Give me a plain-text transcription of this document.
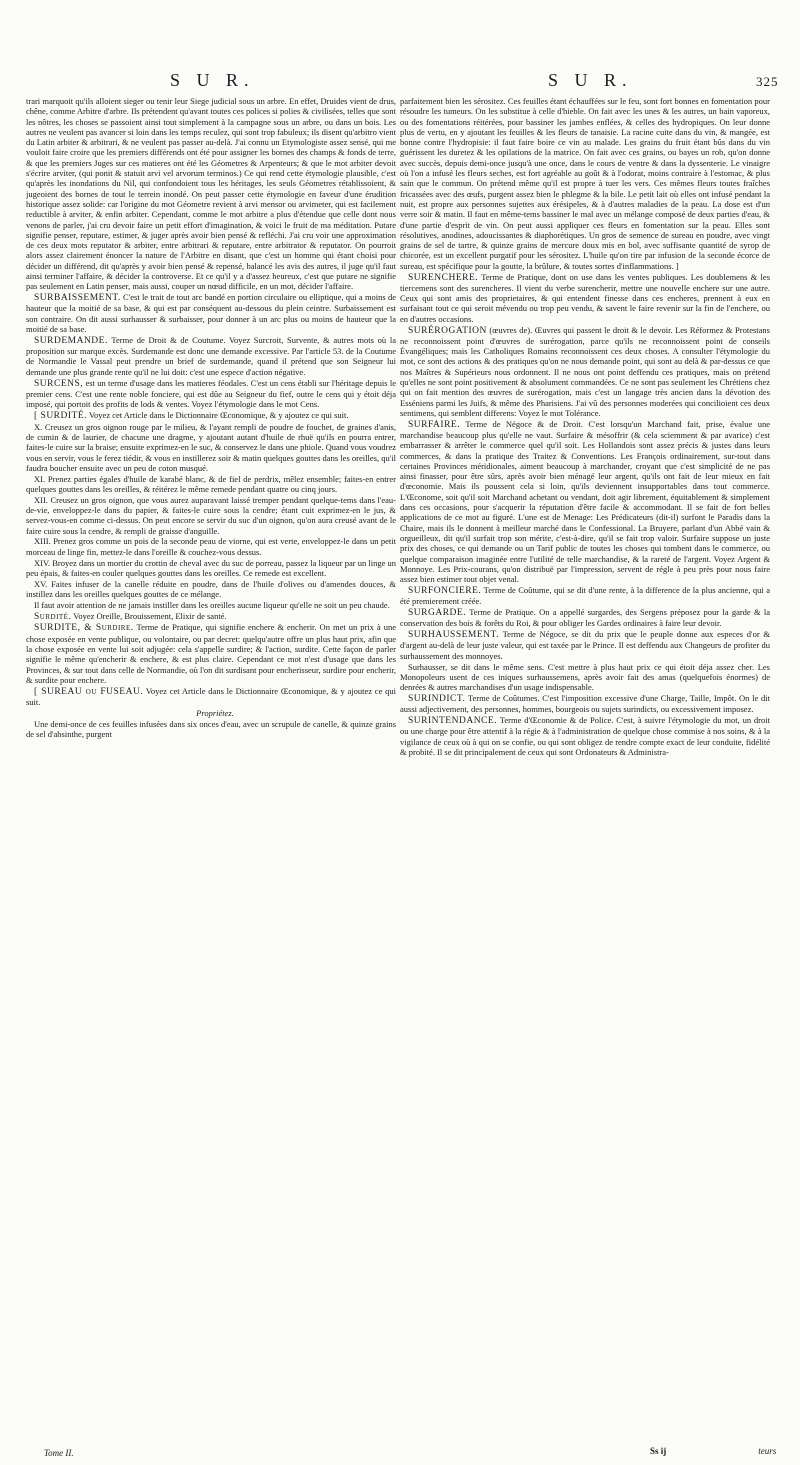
S U R.	S U R.	325

trari marquoit qu'ils alloient sieger ou tenir leur Siege judicial sous un arbre. En effet, Druides vient de drus, chêne, comme Arbitre d'arbre. Ils prétendent qu'avant toutes ces polices si polies & civilisées, telles que sont les nôtres, les choses se passoient ainsi tout simplement à la campagne sous un arbre, ou dans un bois. Les autres ne veulent pas avancer si loin dans les temps reculez, qui sont trop fabuleux; ils disent qu'arbitro vient du Latin arbiter & arbitrari, & ne veulent pas passer au-delà. J'ai connu un Etymologiste assez sensé, qui me vouloit faire croire que les premiers différends ont été pour assigner les bornes des champs & fonds de terre, & que les premiers Juges sur ces matieres ont été les Géometres & Arpenteurs; & que le mot arbiter devoit s'écrire arviter, (qui ponit & statuit arvi vel arvorum terminos.) Ce qui rend cette étymologie plausible, c'est qu'après les inondations du Nil, qui confondoient tous les héritages, les seuls Géometres rétablissoient, & jugeoient des bornes de tout le terrein inondé. On peut passer cette étymologie en faveur d'une érudition historique assez solide: car l'origine du mot Géometre revient à arvi mensor ou arvimeter, qui est facilement reductible à arviter, & enfin arbiter. Cependant, comme le mot arbitre a plus d'étendue que celle dont nous venons de parler, j'ai cru devoir faire un petit effort d'imagination, & voici le fruit de ma méditation. Putare signifie penser, reputare, estimer, & juger après avoir bien pensé & refléchi. J'ai cru voir une approximation de ces deux mots reputator & arbiter, entre arbitrari & reputare, entre arbitrator & reputator. On pourroit alors assez clairement énoncer la nature de l'Arbitre en disant, que c'est un homme qui étant choisi pour décider un différend, dit qu'après y avoir bien pensé & repensé, balancé les avis des autres, il juge qu'il faut ainsi terminer l'affaire, & décider la controverse. Et ce qu'il y a d'assez heureux, c'est que putare ne signifie pas seulement en Latin penser, mais aussi, couper un nœud difficile, en un mot, décider l'affaire.

SURBAISSEMENT. C'est le trait de tout arc bandé en portion circulaire ou elliptique, qui a moins de hauteur que la moitié de sa base, & qui est par conséquent au-dessous du plein ceintre. Surbaissement est son contraire. On dit aussi surhausser & surbaisser, pour donner à un arc plus ou moins de hauteur que la moitié de sa base.

SURDEMANDE. Terme de Droit & de Coutume. Voyez Surcroit, Survente, & autres mots où la proposition sur marque excès. Surdemande est donc une demande excessive. Par l'article 53. de la Coutume de Normandie le Vassal peut prendre un brief de surdemande, quand il prétend que son Seigneur lui demande une plus grande rente qu'il ne lui doit: c'est une espece d'action négative.

SURCENS, est un terme d'usage dans les matieres féodales. C'est un cens établi sur l'héritage depuis le premier cens. C'est une rente noble fonciere, qui est dûe au Seigneur du fief, outre le cens qui y étoit déja imposé, qui portoit des profits de lods & ventes. Voyez l'étymologie dans le mot Cens.

[ SURDITÉ. Voyez cet Article dans le Dictionnaire Œconomique, & y ajoutez ce qui suit.

X. Creusez un gros oignon rouge par le milieu, & l'ayant rempli de poudre de fouchet, de graines d'anis, de cumin & de laurier, de chacune une dragme, y ajoutant autant d'huile de rhuë qu'ils en pourra entrer, faites-le cuire sur la braise; ensuite exprimez-en le suc, & conservez le dans une phiole. Quand vous voudrez vous en servir, vous le ferez tiédir, & vous en instillerez soir & matin quelques gouttes dans les oreilles, qu'il faudra boucher ensuite avec un peu de coton musqué.

XI. Prenez parties égales d'huile de karabé blanc, & de fiel de perdrix, mêlez ensemble; faites-en entrer quelques gouttes dans les oreilles, & réitérez le même remede pendant quatre ou cinq jours.

XII. Creusez un gros oignon, que vous aurez auparavant laissé tremper pendant quelque-tems dans l'eau-de-vie, enveloppez-le dans du papier, & faites-le cuire sous la cendre; étant cuit exprimez-en le jus, & servez-vous-en comme ci-dessus. On peut encore se servir du suc d'un oignon, qu'on aura creusé avant de le faire cuire sous la cendre, & rempli de graisse d'anguille.

XIII. Prenez gros comme un pois de la seconde peau de viorne, qui est verte, enveloppez-le dans un petit morceau de linge fin, mettez-le dans l'oreille & couchez-vous dessus.

XIV. Broyez dans un mortier du crottin de cheval avec du suc de porreau, passez la liqueur par un linge un peu épais, & faites-en couler quelques gouttes dans les oreilles. Ce remede est excellent.

XV. Faites infuser de la canelle réduite en poudre, dans de l'huile d'olives ou d'amendes douces, & instillez dans les oreilles quelques gouttes de ce mélange.

Il faut avoir attention de ne jamais instiller dans les oreilles aucune liqueur qu'elle ne soit un peu chaude.

Surdité. Voyez Oreille, Brouissement, Elixir de santé.

SURDITE, & Surdire. Terme de Pratique, qui signifie enchere & encherir. On met un prix à une chose exposée en vente publique, ou volontaire, ou par decret: quelqu'autre offre un plus haut prix, afin que la chose exposée en vente lui soit adjugée: cela s'appelle surdire; & l'action, surdite. Cette façon de parler signifie le même qu'encherir & enchere, & est plus claire. Cependant ce mot n'est d'usage que dans les Provinces, & sur tout dans celle de Normandie, où l'on dit surdisant pour encherisseur, surdire pour encherir, & surdite pour enchere.

[ SUREAU ou FUSEAU. Voyez cet Article dans le Dictionnaire Œconomique, & y ajoutez ce qui suit.

Propriétez.

Une demi-once de ces feuilles infusées dans six onces d'eau, avec un scrupule de canelle, & quinze grains de sel d'absinthe, purgent

parfaitement bien les sérositez. Ces feuilles étant échauffées sur le feu, sont fort bonnes en fomentation pour résoudre les tumeurs. On les substitue à celle d'hieble. On fait avec les unes & les autres, un bain vaporeux, ou des fomentations réitérées, pour bassiner les jambes enflées, & celles des hydropiques. On leur donne plus de vertu, en y ajoutant les feuilles & les fleurs de tanaisie. La racine cuite dans du vin, & mangée, est bonne contre l'hydropisie: il faut faire boire ce vin au malade. Les grains du fruit étant bûs dans du vin guérissent les duretez & les opilations de la matrice. On fait avec ces grains, ou bayes un rob, qu'on donne avec succès, depuis demi-once jusqu'à une once, dans le cours de ventre & dans la dyssenterie. Le vinaigre où l'on a infusé les fleurs seches, est fort agréable au goût & à l'odorat, moins contraire à l'estomac, & plus sain que le commun. On prétend même qu'il est propre à tuer les vers. Ces mêmes fleurs toutes fraîches fricassées avec des œufs, purgent assez bien le phlegme & la bile. Le petit lait où elles ont infusé pendant la nuit, est propre aux personnes sujettes aux érésipeles, & à d'autres maladies de la peau. La dose est d'un verre soir & matin. Il faut en même-tems bassiner le mal avec un mélange composé de deux parties d'eau, & d'une partie d'esprit de vin. On peut aussi appliquer ces fleurs en fomentation sur la peau. Elles sont résolutives, anodines, adoucissantes & diaphorétiques. Un gros de semence de sureau en poudre, avec vingt grains de sel de tartre, & quinze grains de mercure doux mis en bol, avec suffisante quantité de syrop de chicorée, est un excellent purgatif pour les sérositez. L'huile qu'on tire par infusion de la seconde écorce de sureau, est spécifique pour la goutte, la brûlure, & toutes sortes d'inflammations. ]

SURENCHERE. Terme de Pratique, dont on use dans les ventes publiques. Les doublemens & les tiercemens sont des surencheres. Il vient du verbe surencherir, mettre une nouvelle enchere sur une autre. Ceux qui sont amis des proprietaires, & qui entendent finesse dans ces encheres, prennent à eux en surfaisant tout ce qui seroit mévendu ou trop peu vendu, & savent le faire revenir sur la fin de l'enchere, ou en d'autres occasions.

SURÉROGATION (œuvres de). Œuvres qui passent le droit & le devoir. Les Réformez & Protestans ne reconnoissent point d'œuvres de surérogation, parce qu'ils ne reconnoissent point de conseils Évangéliques; mais les Catholiques Romains reconnoissent ces deux choses. A consulter l'étymologie du mot, ce sont des actions & des pratiques qu'on ne nous demande point, qui sont au delà & par-dessus ce que nos Maîtres & Supérieurs nous ordonnent. Il ne nous ont point deffendu ces pratiques, mais on prétend qu'elles ne sont point positivement & absolument commandées. Ce ne sont pas seulement les Chrétiens chez qui on fait mention des œuvres de surérogation, mais c'est un langage très ancien dans la dévotion des Esséniens parmi les Juifs, & même des Pharisiens. J'ai vû des personnes moderées qui concilioient ces deux sentimens, qui semblent differens: Voyez le mot Tolérance.

SURFAIRE. Terme de Négoce & de Droit. C'est lorsqu'un Marchand fait, prise, évalue une marchandise beaucoup plus qu'elle ne vaut. Surfaire & mésoffrir (& cela sciemment & par avarice) c'est embarrasser & arrêter le commerce quel qu'il soit. Les Hollandois sont assez précis & justes dans leurs commerces, & dans la pratique des Traitez & Conventions. Les François ordinairement, sur-tout dans certaines Provinces méridionales, aiment beaucoup à marchander, croyant que c'est simplicité de ne pas ainsi finasser, pour être sûrs, après avoir bien ménagé leur argent, qu'ils ont fait de leur mieux en fait d'œconomie. Mais ils poussent cela si loin, qu'ils deviennent insupportables dans tout commerce. L'Œconome, soit qu'il soit Marchand achetant ou vendant, doit agir librement, équitablement & simplement dans ces occasions, pour s'acquerir la réputation d'être facile & accommodant. Il se fait de fort belles applications de ce mot au figuré. L'une est de Menage: Les Prédicateurs (dit-il) surfont le Paradis dans la Chaire, mais ils le donnent à meilleur marché dans le Confessional. La Bruyere, parlant d'un Abbé vain & orgueilleux, dit qu'il surfait trop son mérite, c'est-à-dire, qu'il se fait trop valoir. Surfaire suppose un juste prix des choses, ce qui demande ou un Tarif public de toutes les choses qui tombent dans le commerce, ou quelque comparaison imaginée entre l'utilité de telle marchandise, & la rareté de l'argent. Voyez Argent & Monnoye. Les Prix-courans, qu'on distribuë par l'impression, servent de régle à peu près pour nous faire assez bien estimer tout objet venal.

SURFONCIERE. Terme de Coûtume, qui se dit d'une rente, à la difference de la plus ancienne, qui a été premierement créée.

SURGARDE. Terme de Pratique. On a appellé surgardes, des Sergens préposez pour la garde & la conservation des bois & forêts du Roi, & pour obliger les Gardes ordinaires à faire leur devoir.

SURHAUSSEMENT. Terme de Négoce, se dit du prix que le peuple donne aux especes d'or & d'argent au-delà de leur juste valeur, qui est taxée par le Prince. Il est deffendu aux Changeurs de profiter du surhaussement des monnoyes.

Surhausser, se dit dans le même sens. C'est mettre à plus haut prix ce qui étoit déja assez cher. Les Monopoleurs usent de ces iniques surhaussemens, après avoir fait des amas (quelquefois énormes) de denrées & autres marchandises d'un usage indispensable.

SURINDICT. Terme de Coûtumes. C'est l'imposition excessive d'une Charge, Taille, Impôt. On le dit aussi adjectivement, des personnes, hommes, bourgeois ou sujets surindicts, ou excessivement imposez.

SURINTENDANCE. Terme d'Œconomie & de Police. C'est, à suivre l'étymologie du mot, un droit ou une charge pour être attentif à la régie & à l'administration de quelque chose commise à nos soins, & à la vigilance de ceux où à qui on se confie, ou qui sont obligez de rendre compte exact de leur conduite, fidélité & probité. Il se dit principalement de ceux qui sont Ordonateurs & Administra-

Tome II.	Ss ij	teurs
